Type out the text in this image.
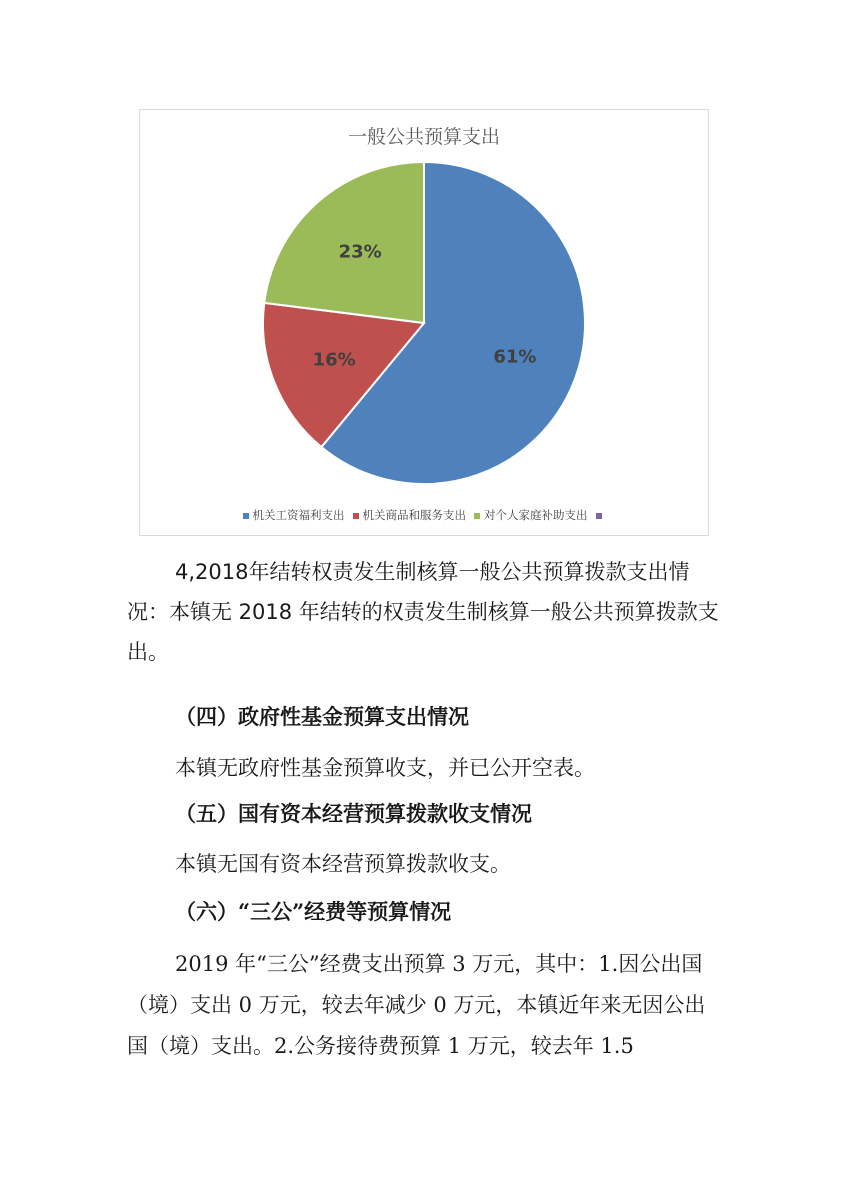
一般公共预算支出
61%
16%
23%
机关工资福利支出 机关商品和服务支出 对个人家庭补助支出

4,2018年结转权责发生制核算一般公共预算拨款支出情况：本镇无 2018 年结转的权责发生制核算一般公共预算拨款支出。

（四）政府性基金预算支出情况

本镇无政府性基金预算收支，并已公开空表。

（五）国有资本经营预算拨款收支情况

本镇无国有资本经营预算拨款收支。

（六）“三公”经费等预算情况

2019 年“三公”经费支出预算 3 万元，其中：1.因公出国（境）支出 0 万元，较去年减少 0 万元，本镇近年来无因公出国（境）支出。2.公务接待费预算 1 万元，较去年 1.5
